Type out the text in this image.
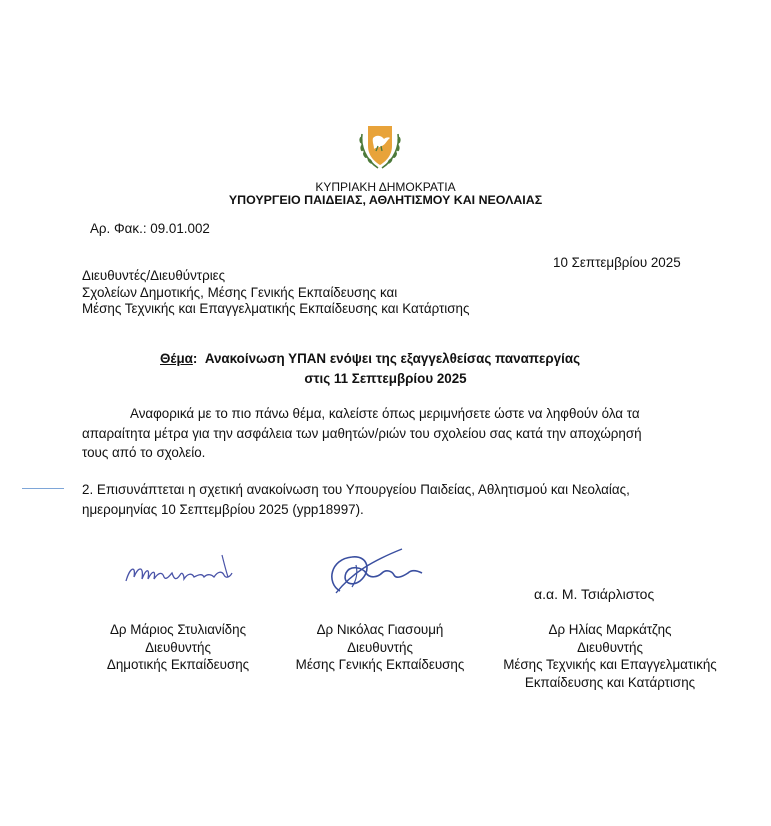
ΚΥΠΡΙΑΚΗ ΔΗΜΟΚΡΑΤΙΑ
ΥΠΟΥΡΓΕΙΟ ΠΑΙΔΕΙΑΣ, ΑΘΛΗΤΙΣΜΟΥ ΚΑΙ ΝΕΟΛΑΙΑΣ
Αρ. Φακ.: 09.01.002
10 Σεπτεμβρίου 2025
Διευθυντές/Διευθύντριες
Σχολείων Δημοτικής, Μέσης Γενικής Εκπαίδευσης και
Μέσης Τεχνικής και Επαγγελματικής Εκπαίδευσης και Κατάρτισης
Θέμα: Ανακοίνωση ΥΠΑΝ ενόψει της εξαγγελθείσας παναπεργίας
στις 11 Σεπτεμβρίου 2025
Αναφορικά με το πιο πάνω θέμα, καλείστε όπως μεριμνήσετε ώστε να ληφθούν όλα τα
απαραίτητα μέτρα για την ασφάλεια των μαθητών/ριών του σχολείου σας κατά την αποχώρησή
τους από το σχολείο.
2. Επισυνάπτεται η σχετική ανακοίνωση του Υπουργείου Παιδείας, Αθλητισμού και Νεολαίας,
ημερομηνίας 10 Σεπτεμβρίου 2025 (ypp18997).
α.α. Μ. Τσιάρλιστος
Δρ Μάριος Στυλιανίδης
Διευθυντής
Δημοτικής Εκπαίδευσης
Δρ Νικόλας Γιασουμή
Διευθυντής
Μέσης Γενικής Εκπαίδευσης
Δρ Ηλίας Μαρκάτζης
Διευθυντής
Μέσης Τεχνικής και Επαγγελματικής
Εκπαίδευσης και Κατάρτισης
